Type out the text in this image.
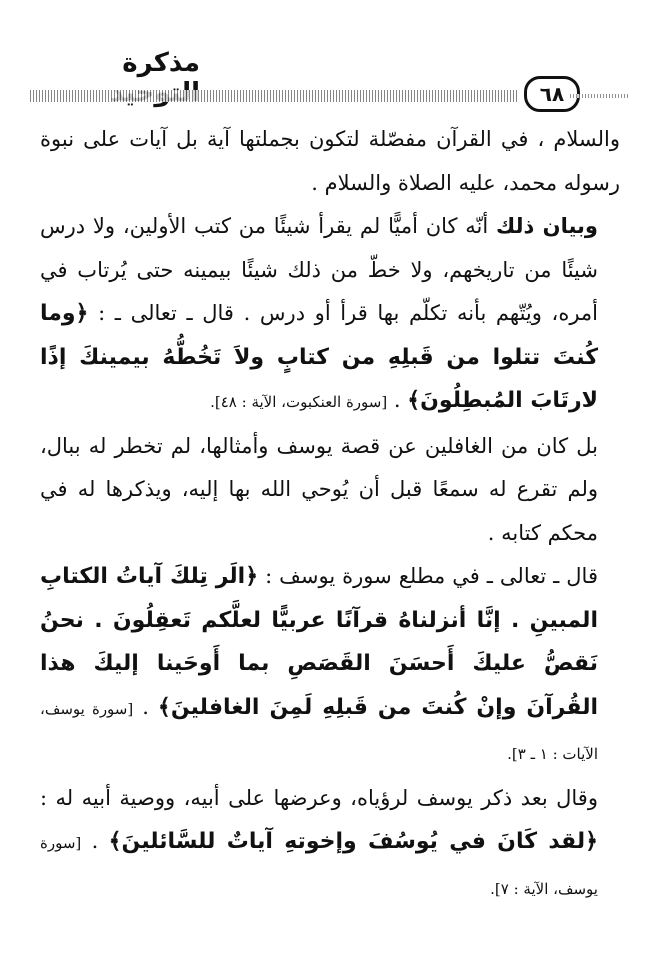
مذكرة
٦٨

والسلام ، في القرآن مفصّلة لتكون بجملتها آية بل آيات على نبوة رسوله محمد، عليه الصلاة والسلام .

وبيان ذلك أنّه كان أميًّا لم يقرأ شيئًا من كتب الأولين، ولا درس شيئًا من تاريخهم، ولا خطّ من ذلك شيئًا بيمينه حتى يُرتاب في أمره، ويُتّهم بأنه تكلّم بها قرأ أو درس . قال ـ تعالى ـ : ﴿وما كُنتَ تتلوا من قَبلِهِ من كتابٍ ولاَ تَخُطُّهُ بيمينكَ إذًا لارتَابَ المُبطِلُونَ﴾ . [سورة العنكبوت، الآية : ٤٨].

بل كان من الغافلين عن قصة يوسف وأمثالها، لم تخطر له ببال، ولم تقرع له سمعًا قبل أن يُوحي الله بها إليه، ويذكرها له في محكم كتابه .

قال ـ تعالى ـ في مطلع سورة يوسف : ﴿الَر تِلكَ آياتُ الكتابِ المبينِ . إنَّا أنزلناهُ قرآنًا عربيًّا لعلَّكم تَعقِلُونَ . نحنُ نَقصُّ عليكَ أَحسَنَ القَصَصِ بما أَوحَينا إليكَ هذا القُرآنَ وإنْ كُنتَ من قَبلِهِ لَمِنَ الغافلينَ﴾ . [سورة يوسف، الآيات : ١ ـ ٣].

وقال بعد ذكر يوسف لرؤياه، وعرضها على أبيه، ووصية أبيه له : ﴿لقد كَانَ في يُوسُفَ وإخوتهِ آياتٌ للسَّائلينَ﴾ . [سورة يوسف، الآية : ٧].
